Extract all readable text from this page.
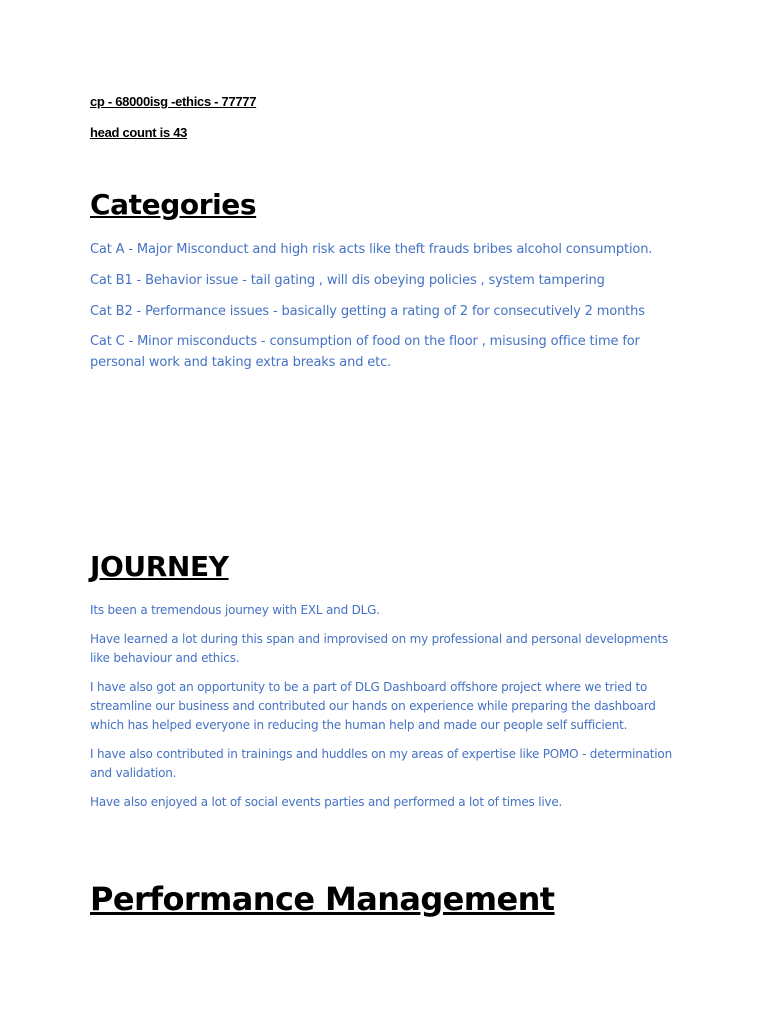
cp - 68000isg -ethics - 77777
head count is 43
Categories

Cat A - Major Misconduct and high risk acts like theft frauds bribes alcohol consumption.

Cat B1 - Behavior issue - tail gating , will dis obeying policies , system tampering

Cat B2 - Performance issues - basically getting a rating of 2 for consecutively 2 months

Cat C - Minor misconducts - consumption of food on the floor , misusing office time for personal work and taking extra breaks and etc.

JOURNEY

Its been a tremendous journey with EXL and DLG.

Have learned a lot during this span and improvised on my professional and personal developments like behaviour and ethics.

I have also got an opportunity to be a part of DLG Dashboard offshore project where we tried to streamline our business and contributed our hands on experience while preparing the dashboard which has helped everyone in reducing the human help and made our people self sufficient.

I have also contributed in trainings and huddles on my areas of expertise like POMO - determination and validation.

Have also enjoyed a lot of social events parties and performed a lot of times live.

Performance Management
